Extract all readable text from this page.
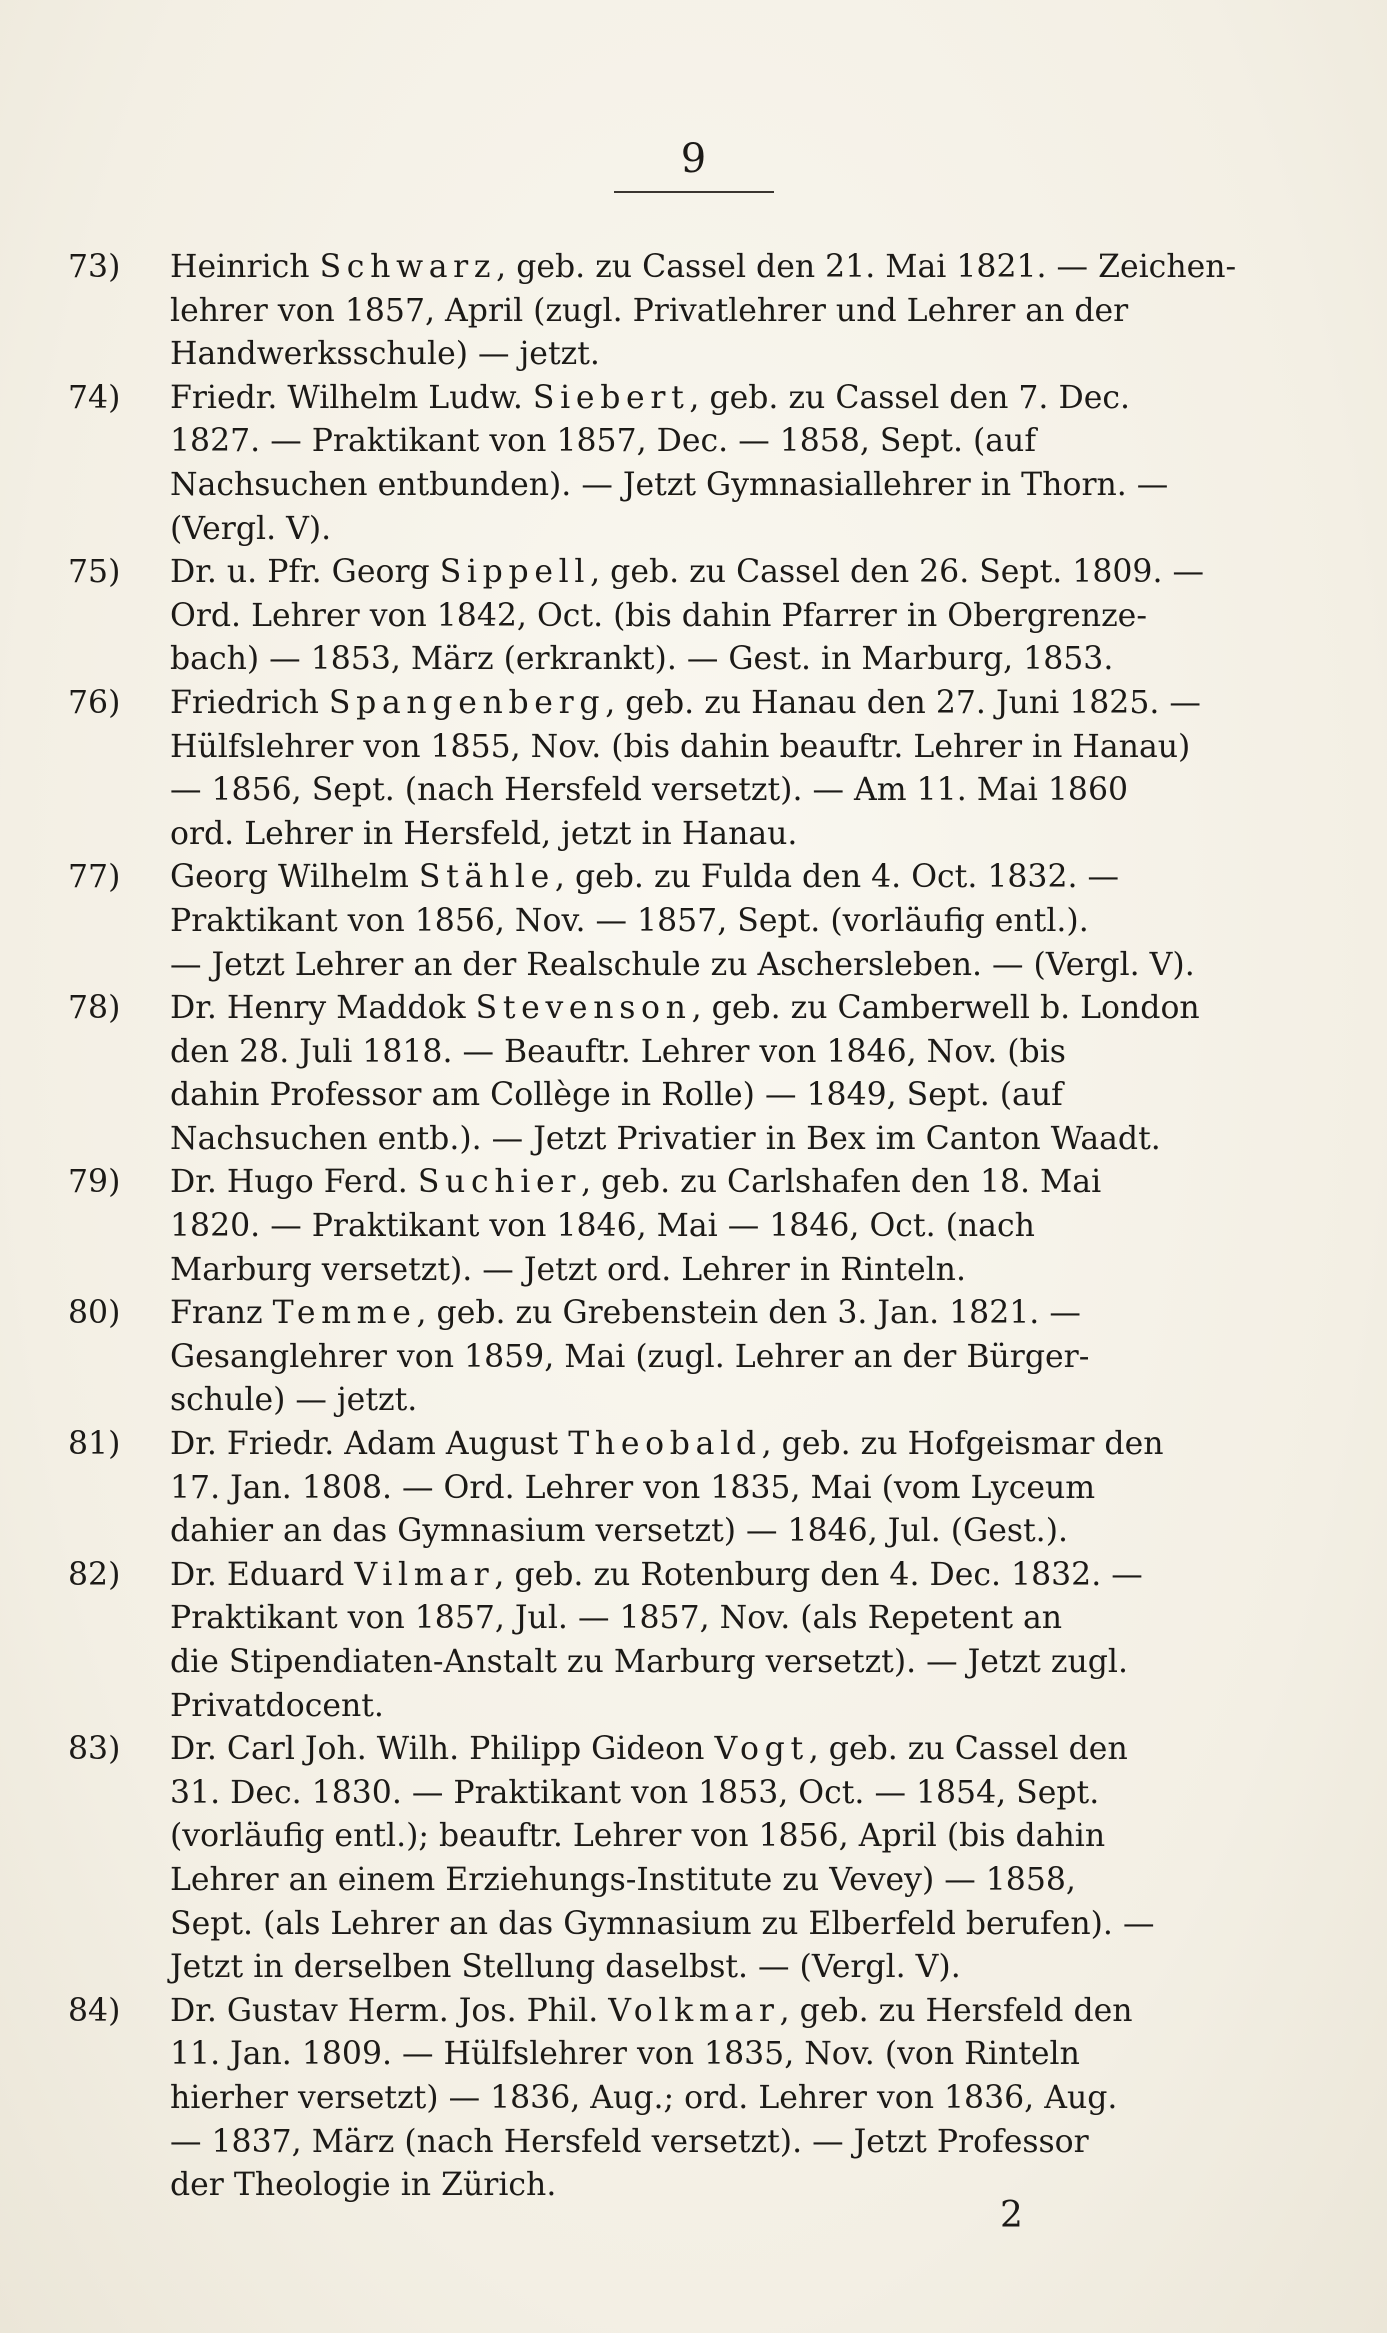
9
73)	Heinrich Schwarz, geb. zu Cassel den 21. Mai 1821. — Zeichen-
lehrer von 1857, April (zugl. Privatlehrer und Lehrer an der
Handwerksschule) — jetzt.
74)	Friedr. Wilhelm Ludw. Siebert, geb. zu Cassel den 7. Dec.
1827. — Praktikant von 1857, Dec. — 1858, Sept. (auf
Nachsuchen entbunden). — Jetzt Gymnasiallehrer in Thorn. —
(Vergl. V).
75)	Dr. u. Pfr. Georg Sippell, geb. zu Cassel den 26. Sept. 1809. —
Ord. Lehrer von 1842, Oct. (bis dahin Pfarrer in Obergrenze-
bach) — 1853, März (erkrankt). — Gest. in Marburg, 1853.
76)	Friedrich Spangenberg, geb. zu Hanau den 27. Juni 1825. —
Hülfslehrer von 1855, Nov. (bis dahin beauftr. Lehrer in Hanau)
— 1856, Sept. (nach Hersfeld versetzt). — Am 11. Mai 1860
ord. Lehrer in Hersfeld, jetzt in Hanau.
77)	Georg Wilhelm Stähle, geb. zu Fulda den 4. Oct. 1832. —
Praktikant von 1856, Nov. — 1857, Sept. (vorläufig entl.).
— Jetzt Lehrer an der Realschule zu Aschersleben. — (Vergl. V).
78)	Dr. Henry Maddok Stevenson, geb. zu Camberwell b. London
den 28. Juli 1818. — Beauftr. Lehrer von 1846, Nov. (bis
dahin Professor am Collège in Rolle) — 1849, Sept. (auf
Nachsuchen entb.). — Jetzt Privatier in Bex im Canton Waadt.
79)	Dr. Hugo Ferd. Suchier, geb. zu Carlshafen den 18. Mai
1820. — Praktikant von 1846, Mai — 1846, Oct. (nach
Marburg versetzt). — Jetzt ord. Lehrer in Rinteln.
80)	Franz Temme, geb. zu Grebenstein den 3. Jan. 1821. —
Gesanglehrer von 1859, Mai (zugl. Lehrer an der Bürger-
schule) — jetzt.
81)	Dr. Friedr. Adam August Theobald, geb. zu Hofgeismar den
17. Jan. 1808. — Ord. Lehrer von 1835, Mai (vom Lyceum
dahier an das Gymnasium versetzt) — 1846, Jul. (Gest.).
82)	Dr. Eduard Vilmar, geb. zu Rotenburg den 4. Dec. 1832. —
Praktikant von 1857, Jul. — 1857, Nov. (als Repetent an
die Stipendiaten-Anstalt zu Marburg versetzt). — Jetzt zugl.
Privatdocent.
83)	Dr. Carl Joh. Wilh. Philipp Gideon Vogt, geb. zu Cassel den
31. Dec. 1830. — Praktikant von 1853, Oct. — 1854, Sept.
(vorläufig entl.); beauftr. Lehrer von 1856, April (bis dahin
Lehrer an einem Erziehungs-Institute zu Vevey) — 1858,
Sept. (als Lehrer an das Gymnasium zu Elberfeld berufen). —
Jetzt in derselben Stellung daselbst. — (Vergl. V).
84)	Dr. Gustav Herm. Jos. Phil. Volkmar, geb. zu Hersfeld den
11. Jan. 1809. — Hülfslehrer von 1835, Nov. (von Rinteln
hierher versetzt) — 1836, Aug.; ord. Lehrer von 1836, Aug.
— 1837, März (nach Hersfeld versetzt). — Jetzt Professor
der Theologie in Zürich.
2
